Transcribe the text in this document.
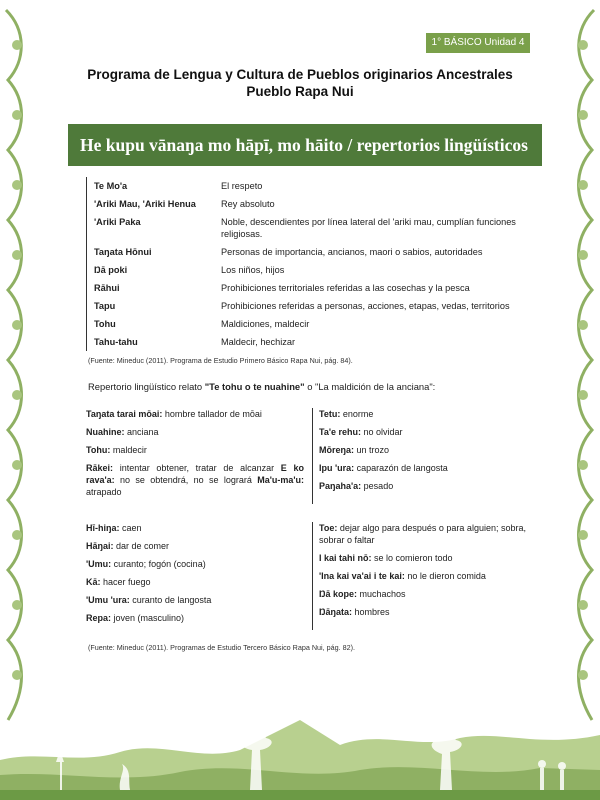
1° BÁSICO Unidad 4
Programa de Lengua y Cultura de Pueblos originarios Ancestrales
Pueblo Rapa Nui
He kupu vānaŋa mo hāpī, mo hāito / repertorios lingüísticos
Te Mo'a	El respeto
'Ariki Mau, 'Ariki Henua	Rey absoluto
'Ariki Paka	Noble, descendientes por línea lateral del 'ariki mau, cumplían funciones religiosas.
Taŋata Hōnui	Personas de importancia, ancianos, maori o sabios, autoridades
Ŋā poki	Los niños, hijos
Rāhui	Prohibiciones territoriales referidas a las cosechas y la pesca
Tapu	Prohibiciones referidas a personas, acciones, etapas, vedas, territorios
Tohu	Maldiciones, maldecir
Tahu-tahu	Maldecir, hechizar
(Fuente: Mineduc (2011). Programa de Estudio Primero Básico Rapa Nui, pág. 84).
Repertorio lingüístico relato "Te tohu o te nuahine" o "La maldición de la anciana":
Taŋata tarai mōai: hombre tallador de mōai
Nuahine: anciana
Tohu: maldecir
Rākei: intentar obtener, tratar de alcanzar E ko rava'a: no se obtendrá, no se logrará Ma'u-ma'u: atrapado
Tetu: enorme
Ta'e rehu: no olvidar
Mōreŋa: un trozo
Ipu 'ura: caparazón de langosta
Paŋaha'a: pesado
Hī-hiŋa: caen
Hāŋai: dar de comer
'Umu: curanto; fogón (cocina)
Kā: hacer fuego
'Umu 'ura: curanto de langosta
Repa: joven (masculino)
Toe: dejar algo para después o para alguien; sobra, sobrar o faltar
I kai tahi nō: se lo comieron todo
'Ina kai va'ai i te kai: no le dieron comida
Ŋā kope: muchachos
Ŋāŋata: hombres
(Fuente: Mineduc (2011). Programas de Estudio Tercero Básico Rapa Nui, pág. 82).
